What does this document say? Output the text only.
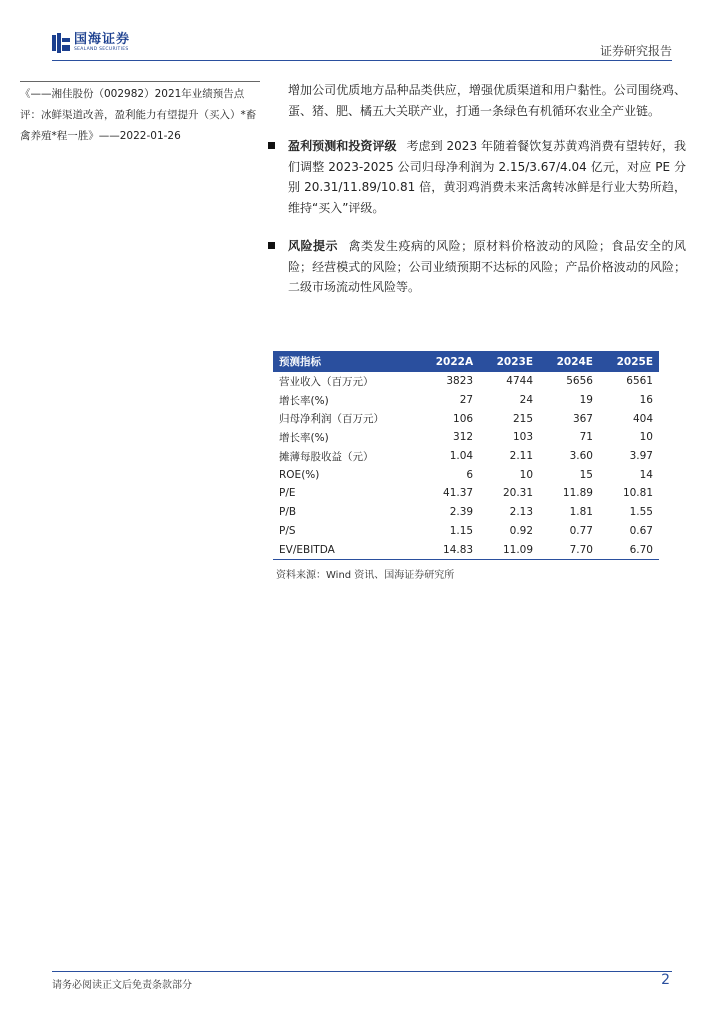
国海证券
SEALAND SECURITIES	证券研究报告
《——湘佳股份（002982）2021年业绩预告点评：冰鲜渠道改善，盈利能力有望提升（买入）*畜禽养殖*程一胜》——2022-01-26

增加公司优质地方品种品类供应，增强优质渠道和用户黏性。公司围绕鸡、蛋、猪、肥、橘五大关联产业，打通一条绿色有机循环农业全产业链。

盈利预测和投资评级 考虑到 2023 年随着餐饮复苏黄鸡消费有望转好，我们调整 2023-2025 公司归母净利润为 2.15/3.67/4.04 亿元，对应 PE 分别 20.31/11.89/10.81 倍，黄羽鸡消费未来活禽转冰鲜是行业大势所趋，维持“买入”评级。
风险提示 禽类发生疫病的风险；原材料价格波动的风险；食品安全的风险；经营模式的风险；公司业绩预期不达标的风险；产品价格波动的风险；二级市场流动性风险等。
预测指标	2022A	2023E	2024E	2025E
营业收入（百万元）	3823	4744	5656	6561
增长率(%)	27	24	19	16
归母净利润（百万元）	106	215	367	404
增长率(%)	312	103	71	10
摊薄每股收益（元）	1.04	2.11	3.60	3.97
ROE(%)	6	10	15	14
P/E	41.37	20.31	11.89	10.81
P/B	2.39	2.13	1.81	1.55
P/S	1.15	0.92	0.77	0.67
EV/EBITDA	14.83	11.09	7.70	6.70
资料来源：Wind 资讯、国海证券研究所
请务必阅读正文后免责条款部分	2
